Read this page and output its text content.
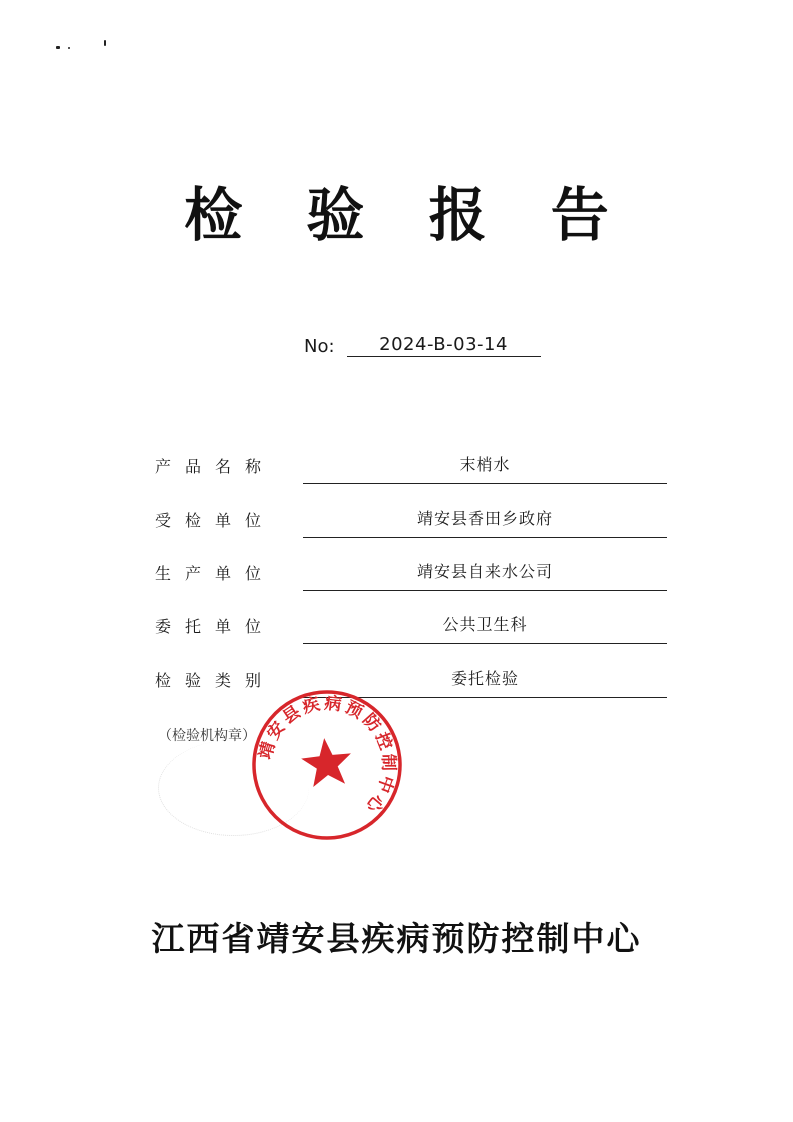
检 验 报 告
No:	2024-B-03-14
产品名称	末梢水
受检单位	靖安县香田乡政府
生产单位	靖安县自来水公司
委托单位	公共卫生科
检验类别	委托检验
（检验机构章）
靖安县疾病预防控制中心
江西省靖安县疾病预防控制中心
